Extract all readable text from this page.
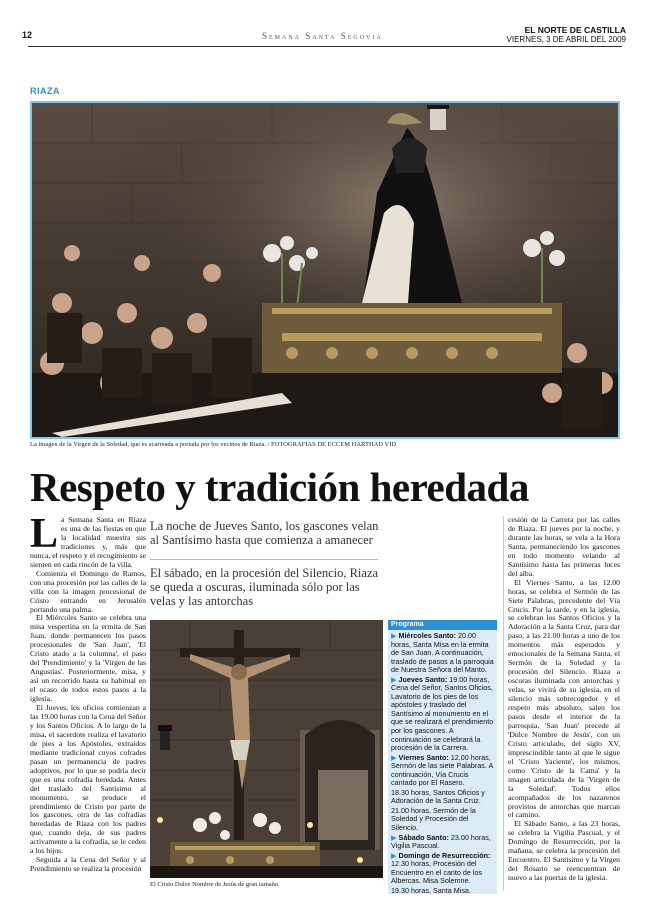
12	Semana Santa Segovia
EL NORTE DE CASTILLA
VIERNES, 3 DE ABRIL DEL 2009
RIAZA
La imagen de la Virgen de la Soledad, que es acarreada a portada por los vecinos de Riaza. / FOTOGRAFÍAS DE ECCEM HARTHAD VÍD
Respeto y tradición heredada

La Semana Santa en Riaza es una de las fiestas en que la localidad muestra sus tradiciones y, más que nunca, el respeto y el recogimiento se sienten en cada rincón de la villa.

Comienza el Domingo de Ramos, con una procesión por las calles de la villa con la imagen procesional de Cristo entrando en Jerusalén portando una palma.

El Miércoles Santo se celebra una misa vespertina en la ermita de San Juan, donde permanecen los pasos procesionales de 'San Juan', 'El Cristo atado a la columna', el paso del 'Prendimiento' y la 'Virgen de las Angustias'. Posteriormente, misa, y así un recorrido hasta su habitual en el ocaso de todos estos pasos a la iglesia.

El Jueves, los oficios comienzan a las 19.00 horas con la Cena del Señor y los Santos Oficios. A lo largo de la misa, el sacerdote realiza el lavatorio de pies a los Apóstoles, extraídos mediante tradicional cuyos cofrades pasan un permanencia de padres adoptivos, por lo que se podría decir que es una cofradía heredada. Antes del traslado del Santísimo al monumento, se produce el prendimiento de Cristo por parte de los gascones, otra de las cofradías heredadas de Riaza con los padres que, cuando deja, de sus padres activamente a la cofradía, se le ceden a los hijos.

Seguida a la Cena del Señor y al Prendimiento se realiza la procesión

La noche de Jueves Santo, los gascones velan al Santísimo hasta que comienza a amanecer
El sábado, en la procesión del Silencio, Riaza se queda a oscuras, iluminada sólo por las velas y las antorchas
El Cristo Dulce Nombre de Jesús de gran tamaño.
Programa
▶ Miércoles Santo: 20.00 horas, Santa Misa en la ermita de San Juan. A continuación, traslado de pasos a la parroquia de Nuestra Señora del Manto.
▶ Jueves Santo: 19.00 horas, Cena del Señor, Santos Oficios, Lavatorio de los pies de los apóstoles y traslado del Santísimo al monumento en el que se realizará el prendimiento por los gascones. A continuación se celebrará la procesión de la Carrera.
▶ Viernes Santo: 12.00 horas, Sermón de las siete Palabras. A continuación, Vía Crucis cantado por El Rasero.
18.30 horas, Santos Oficios y Adoración de la Santa Cruz.
21.00 horas, Sermón de la Soledad y Procesión del Silencio.
▶ Sábado Santo: 23.00 horas, Vigilia Pascual.
▶ Domingo de Resurrección: 12.30 horas, Procesión del Encuentro en el canto de los Albercas. Misa Solemne.
19.30 horas, Santa Misa.

cesión de la Carrera por las calles de Riaza. El jueves por la noche, y durante las horas, se vela a la Hora Santa, permaneciendo los gascones en todo momento velando al Santísimo hasta las primeras luces del alba.

El Viernes Santo, a las 12.00 horas, se celebra el Sermón de las Siete Palabras, precedente del Vía Crucis. Por la tarde, y en la iglesia, se celebran los Santos Oficios y la Adoración a la Santa Cruz, para dar paso, a las 21.00 horas a uno de los momentos más esperados y emocionales de la Semana Santa, el Sermón de la Soledad y la procesión del Silencio. Riaza a oscuras iluminada con antorchas y velas, se vivirá de su iglesia, en el silencio más sobrecogedor y el respeto más absoluto, salen los pasos desde el interior de la parroquia, 'San Juan' precede al 'Dulce Nombre de Jesús', con un Cristo articulado, del siglo XV, imprescindible tanto al que le sigue el 'Cristo Yaciente', los mismos, como 'Cristo de la Cama' y la imagen articulada de la 'Virgen de la Soledad'. Todos ellos acompañados de los nazarenos provistos de antorchas que marcan el camino.

El Sábado Santo, a las 23 horas, se celebra la Vigilia Pascual, y el Domingo de Resurrección, por la mañana, se celebra la procesión del Encuentro. El Santísimo y la Virgen del Rosario se reencuentran de nuevo a las puertas de la iglesia.
